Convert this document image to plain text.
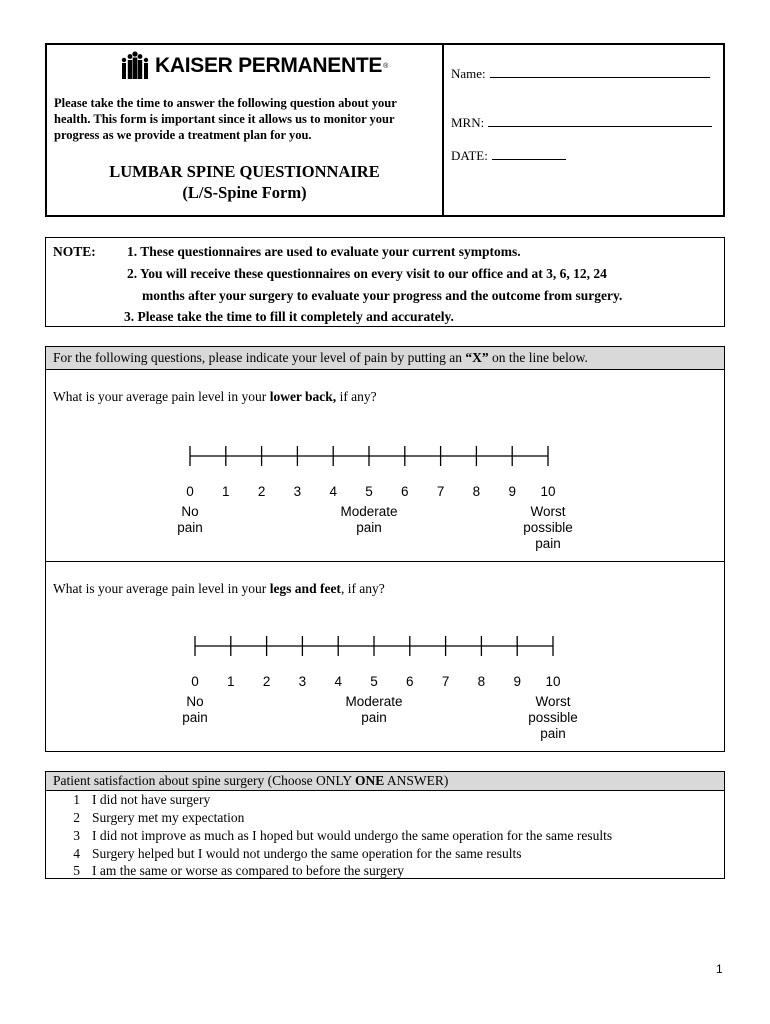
KAISER PERMANENTE ®
Please take the time to answer the following question about your health. This form is important since it allows us to monitor your progress as we provide a treatment plan for you.
LUMBAR SPINE QUESTIONNAIRE
(L/S-Spine Form)
Name:
MRN:
DATE:
NOTE: 1. These questionnaires are used to evaluate your current symptoms.
2. You will receive these questionnaires on every visit to our office and at 3, 6, 12, 24
months after your surgery to evaluate your progress and the outcome from surgery.
3. Please take the time to fill it completely and accurately.
For the following questions, please indicate your level of pain by putting an “X” on the line below.
What is your average pain level in your lower back, if any?
What is your average pain level in your legs and feet, if any?
0 1 2 3 4 5 6 7 8 9 10
No
pain
Moderate
pain
Worst
possible
pain
0 1 2 3 4 5 6 7 8 9 10
No
pain
Moderate
pain
Worst
possible
pain
Patient satisfaction about spine surgery (Choose ONLY ONE ANSWER)
1 I did not have surgery
2 Surgery met my expectation
3 I did not improve as much as I hoped but would undergo the same operation for the same results
4 Surgery helped but I would not undergo the same operation for the same results
5 I am the same or worse as compared to before the surgery
1
